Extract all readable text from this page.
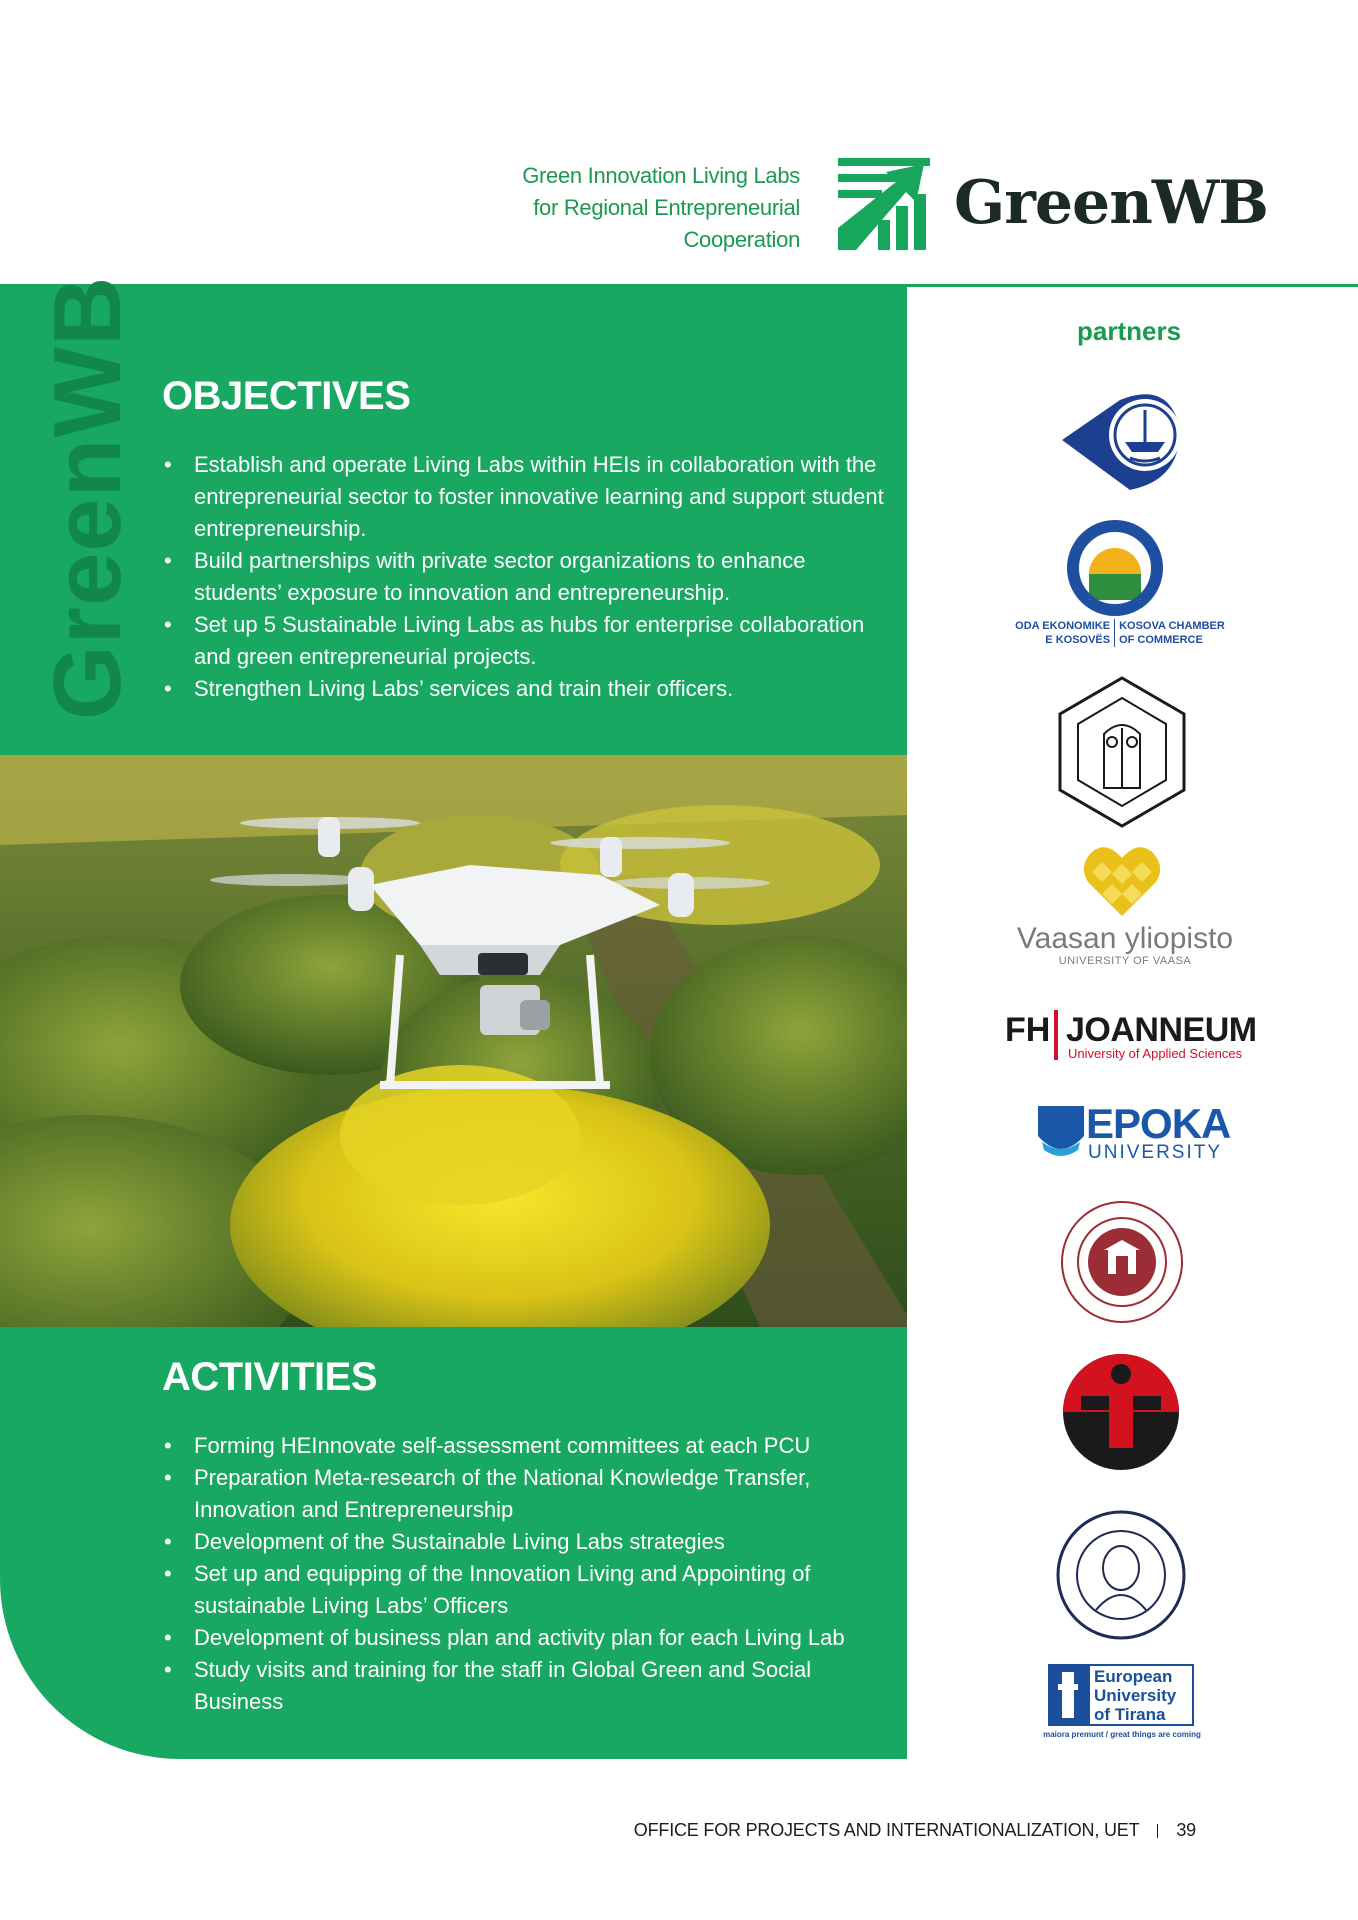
Green Innovation Living Labs
for Regional Entrepreneurial
Cooperation
GreenWB
GreenWB OBJECTIVES
• Establish and operate Living Labs within HEIs in collaboration with the
entrepreneurial sector to foster innovative learning and support student
entrepreneurship.
• Build partnerships with private sector organizations to enhance
students’ exposure to innovation and entrepreneurship.
• Set up 5 Sustainable Living Labs as hubs for enterprise collaboration
and green entrepreneurial projects.
• Strengthen Living Labs’ services and train their officers.
ACTIVITIES
• Forming HEInnovate self-assessment committees at each PCU
• Preparation Meta-research of the National Knowledge Transfer,
Innovation and Entrepreneurship
• Development of the Sustainable Living Labs strategies
• Set up and equipping of the Innovation Living and Appointing of
sustainable Living Labs’ Officers
• Development of business plan and activity plan for each Living Lab
• Study visits and training for the staff in Global Green and Social
Business
partners
ODA EKONOMIKE
E KOSOVËS
KOSOVA CHAMBER
OF COMMERCE
Vaasan yliopisto
UNIVERSITY OF VAASA
FH JOANNEUM
University of Applied Sciences
EPOKA
UNIVERSITY
European
University
of Tirana
maiora premunt / great things are coming
OFFICE FOR PROJECTS AND INTERNATIONALIZATION, UET 39
